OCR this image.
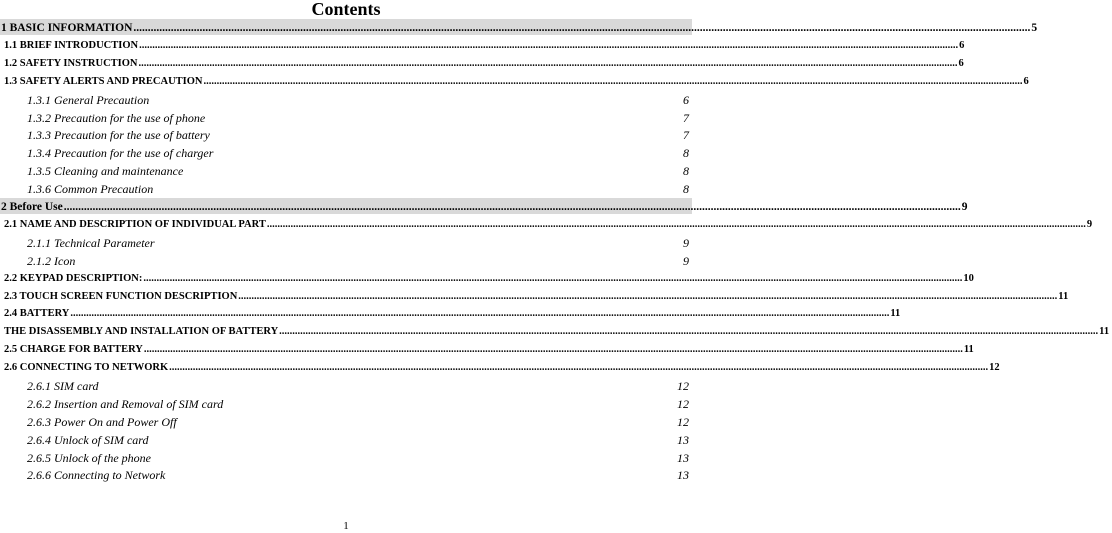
Contents
1 BASIC INFORMATION ........................................................................................................................................................................................................................................................................................................................ 5
1.1 BRIEF INTRODUCTION ........................................................................................................................................................................................................................................................................................................................ 6
1.2 SAFETY INSTRUCTION ........................................................................................................................................................................................................................................................................................................................ 6
1.3 SAFETY ALERTS AND PRECAUTION ........................................................................................................................................................................................................................................................................................................................ 6
1.3.1 General Precaution	6
1.3.2 Precaution for the use of phone	7
1.3.3 Precaution for the use of battery	7
1.3.4 Precaution for the use of charger	8
1.3.5 Cleaning and maintenance	8
1.3.6 Common Precaution	8
2 Before Use ........................................................................................................................................................................................................................................................................................................................ 9
2.1 NAME AND DESCRIPTION OF INDIVIDUAL PART ........................................................................................................................................................................................................................................................................................................................ 9
2.1.1 Technical Parameter	9
2.1.2 Icon	9
2.2 KEYPAD DESCRIPTION: ........................................................................................................................................................................................................................................................................................................................ 10
2.3 TOUCH SCREEN FUNCTION DESCRIPTION ........................................................................................................................................................................................................................................................................................................................ 11
2.4 BATTERY ........................................................................................................................................................................................................................................................................................................................ 11
THE DISASSEMBLY AND INSTALLATION OF BATTERY ........................................................................................................................................................................................................................................................................................................................ 11
2.5 CHARGE FOR BATTERY ........................................................................................................................................................................................................................................................................................................................ 11
2.6 CONNECTING TO NETWORK ........................................................................................................................................................................................................................................................................................................................ 12
2.6.1 SIM card	12
2.6.2 Insertion and Removal of SIM card	12
2.6.3 Power On and Power Off	12
2.6.4 Unlock of SIM card	13
2.6.5 Unlock of the phone	13
2.6.6 Connecting to Network	13
1
